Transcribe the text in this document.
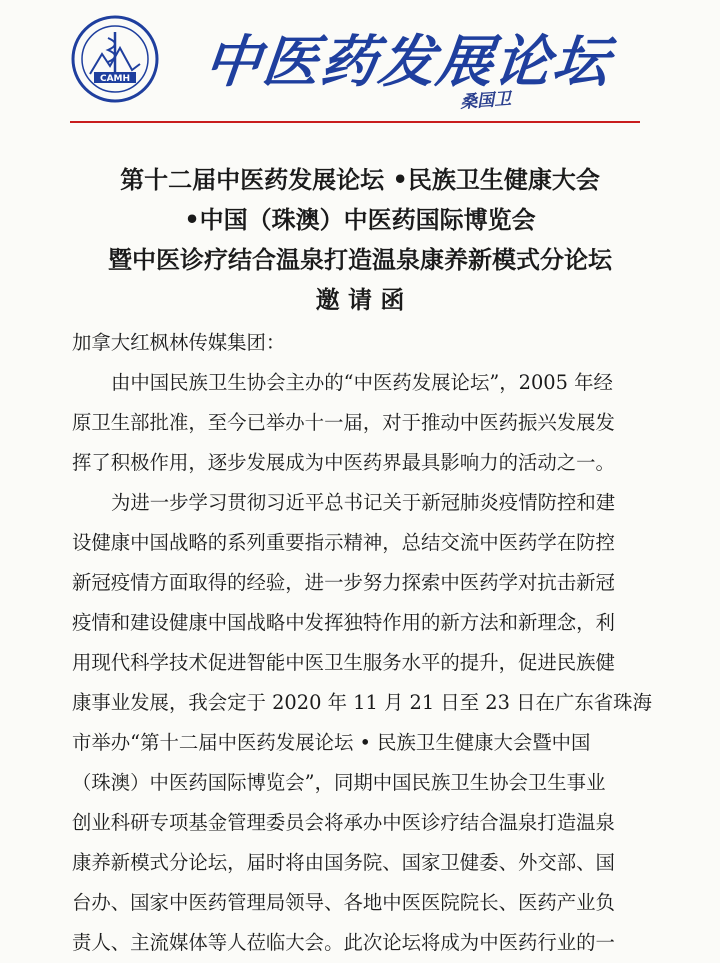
CAMH 中医药发展论坛
桑国卫
第十二届中医药发展论坛 •民族卫生健康大会
•中国（珠澳）中医药国际博览会
暨中医诊疗结合温泉打造温泉康养新模式分论坛
邀 请 函
加拿大红枫林传媒集团：
由中国民族卫生协会主办的“中医药发展论坛”，2005 年经
原卫生部批准，至今已举办十一届，对于推动中医药振兴发展发
挥了积极作用，逐步发展成为中医药界最具影响力的活动之一。
为进一步学习贯彻习近平总书记关于新冠肺炎疫情防控和建
设健康中国战略的系列重要指示精神，总结交流中医药学在防控
新冠疫情方面取得的经验，进一步努力探索中医药学对抗击新冠
疫情和建设健康中国战略中发挥独特作用的新方法和新理念，利
用现代科学技术促进智能中医卫生服务水平的提升，促进民族健
康事业发展，我会定于 2020 年 11 月 21 日至 23 日在广东省珠海
市举办“第十二届中医药发展论坛 • 民族卫生健康大会暨中国
（珠澳）中医药国际博览会”，同期中国民族卫生协会卫生事业
创业科研专项基金管理委员会将承办中医诊疗结合温泉打造温泉
康养新模式分论坛，届时将由国务院、国家卫健委、外交部、国
台办、国家中医药管理局领导、各地中医医院院长、医药产业负
责人、主流媒体等人莅临大会。此次论坛将成为中医药行业的一
